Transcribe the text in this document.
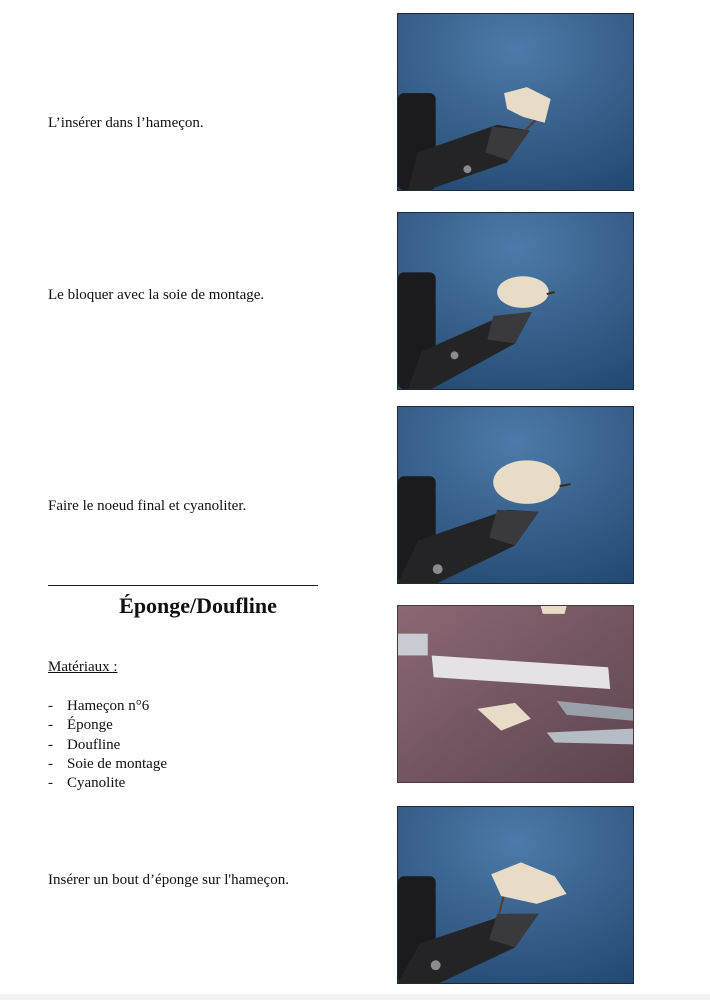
L’insérer dans l’hameçon.
Le bloquer avec la soie de montage.
Faire le noeud final et cyanoliter.
Éponge/Doufline
Matériaux :
- Hameçon n°6
- Éponge
- Doufline
- Soie de montage
- Cyanolite
Insérer un bout d’éponge sur l'hameçon.
